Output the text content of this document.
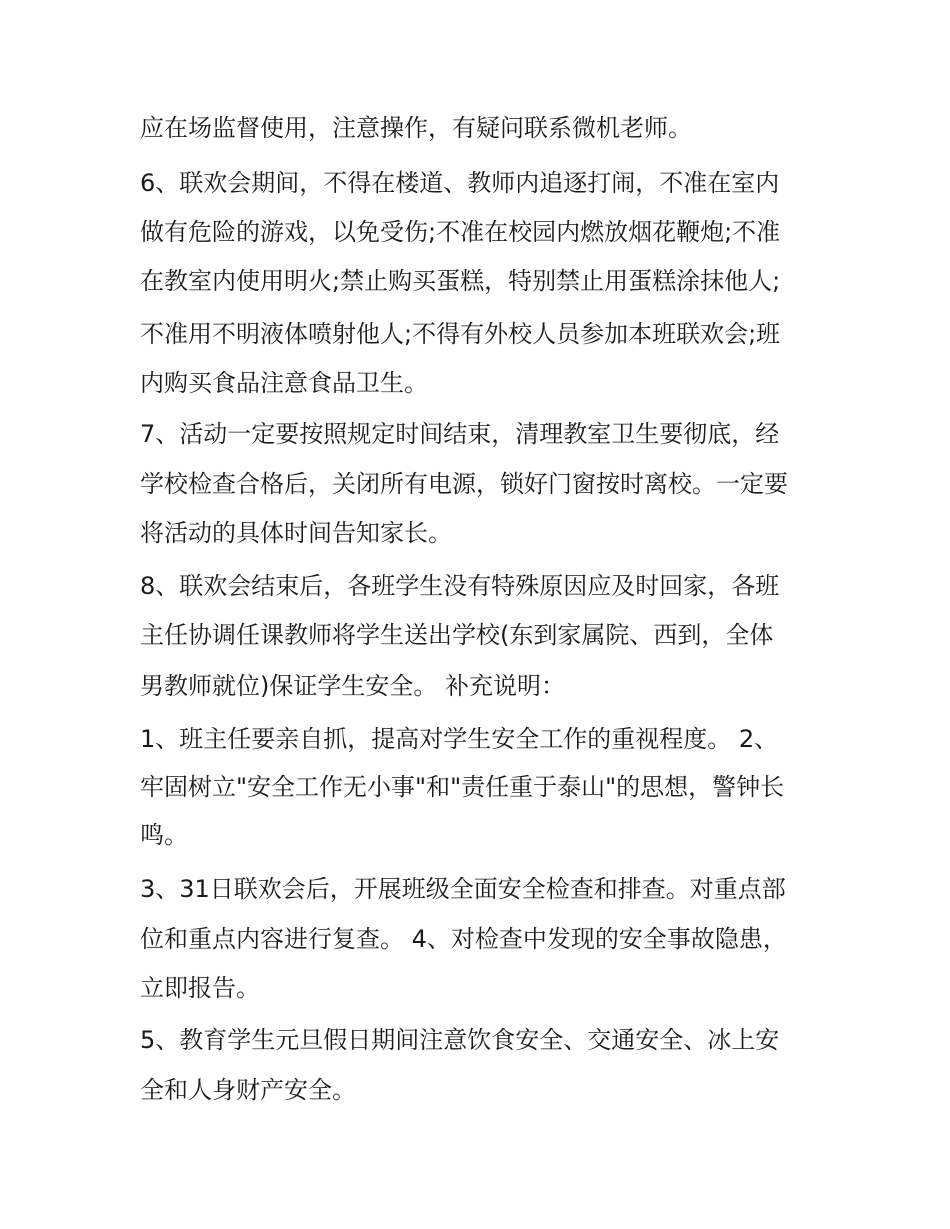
应在场监督使用，注意操作，有疑问联系微机老师。
6、联欢会期间，不得在楼道、教师内追逐打闹，不准在室内
做有危险的游戏，以免受伤;不准在校园内燃放烟花鞭炮;不准
在教室内使用明火;禁止购买蛋糕，特别禁止用蛋糕涂抹他人;
不准用不明液体喷射他人;不得有外校人员参加本班联欢会;班
内购买食品注意食品卫生。
7、活动一定要按照规定时间结束，清理教室卫生要彻底，经
学校检查合格后，关闭所有电源，锁好门窗按时离校。一定要
将活动的具体时间告知家长。
8、联欢会结束后，各班学生没有特殊原因应及时回家，各班
主任协调任课教师将学生送出学校(东到家属院、西到，全体
男教师就位)保证学生安全。 补充说明：
1、班主任要亲自抓，提高对学生安全工作的重视程度。 2、
牢固树立"安全工作无小事"和"责任重于泰山"的思想，警钟长
鸣。
3、31日联欢会后，开展班级全面安全检查和排查。对重点部
位和重点内容进行复查。 4、对检查中发现的安全事故隐患，
立即报告。
5、教育学生元旦假日期间注意饮食安全、交通安全、冰上安
全和人身财产安全。
